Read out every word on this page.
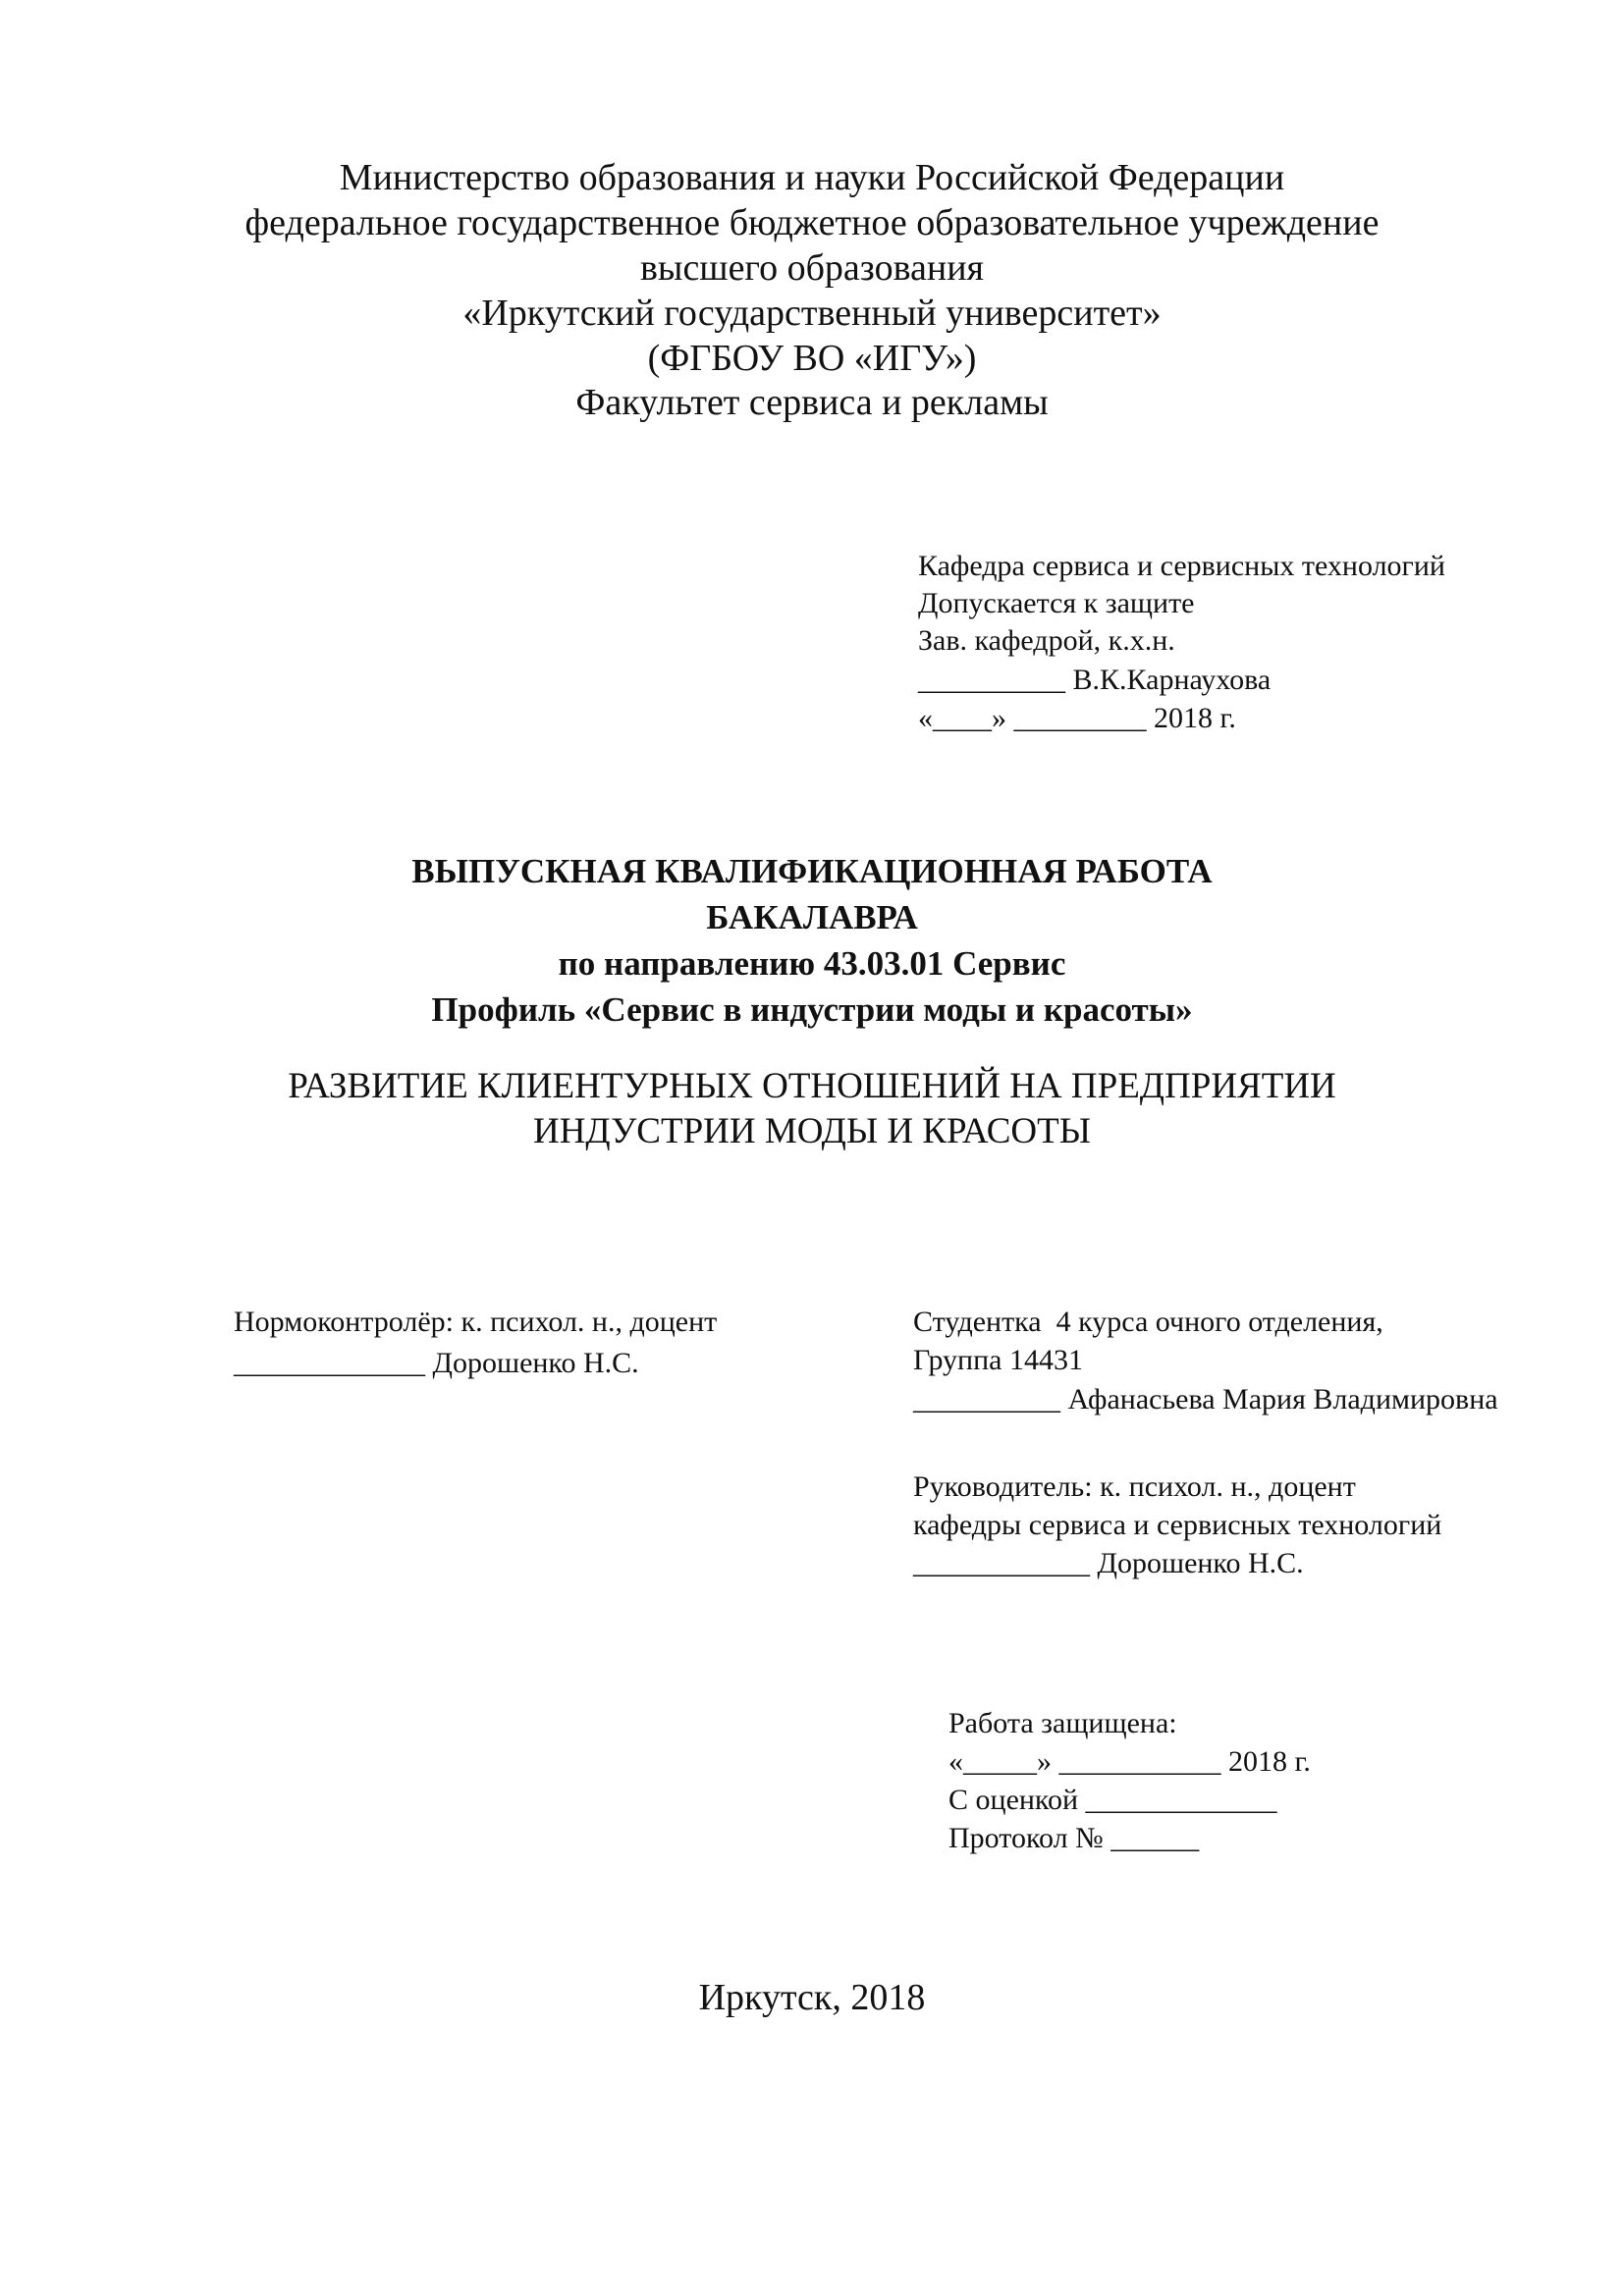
Министерство образования и науки Российской Федерации
федеральное государственное бюджетное образовательное учреждение
высшего образования
«Иркутский государственный университет»
(ФГБОУ ВО «ИГУ»)
Факультет сервиса и рекламы
Кафедра сервиса и сервисных технологий
Допускается к защите
Зав. кафедрой, к.х.н.
__________ В.К.Карнаухова
«____» _________ 2018 г.
ВЫПУСКНАЯ КВАЛИФИКАЦИОННАЯ РАБОТА
БАКАЛАВРА
по направлению 43.03.01 Сервис
Профиль «Сервис в индустрии моды и красоты»
РАЗВИТИЕ КЛИЕНТУРНЫХ ОТНОШЕНИЙ НА ПРЕДПРИЯТИИ
ИНДУСТРИИ МОДЫ И КРАСОТЫ
Нормоконтролёр: к. психол. н., доцент
_____________ Дорошенко Н.С.
Студентка  4 курса очного отделения,
Группа 14431
__________ Афанасьева Мария Владимировна
Руководитель: к. психол. н., доцент
кафедры сервиса и сервисных технологий
____________ Дорошенко Н.С.
Работа защищена:
«_____» ___________ 2018 г.
С оценкой _____________
Протокол № ______
Иркутск, 2018
